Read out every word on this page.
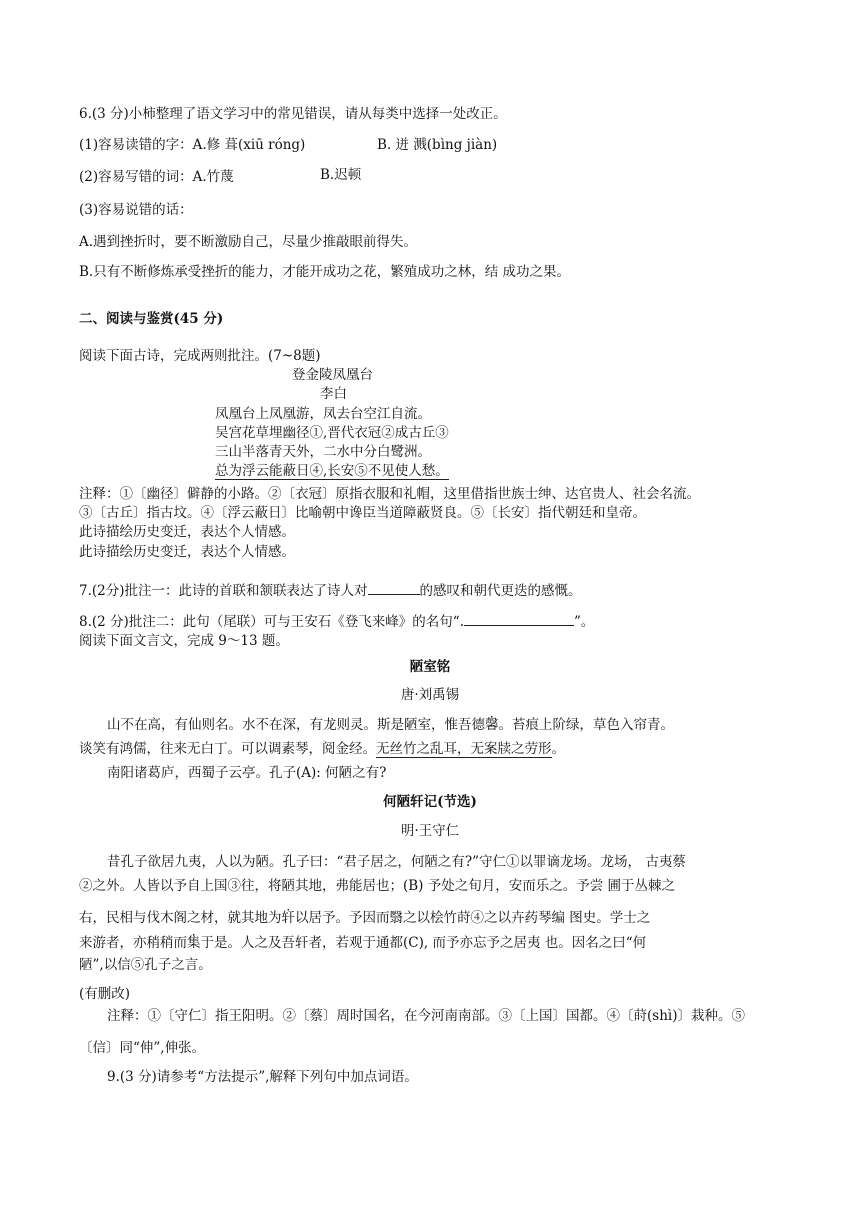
6.(3 分)小柿整理了语文学习中的常见错误，请从每类中选择一处改正。
(1)容易读错的字：A.修 葺(xiū róng)	B. 迸 溅(bìng jiàn)
(2)容易写错的词：A.竹蔑	B.迟顿
(3)容易说错的话：
A.遇到挫折时，要不断激励自己，尽量少推敲眼前得失。
B.只有不断修炼承受挫折的能力，才能开成功之花，繁殖成功之林，结 成功之果。
二、阅读与鉴赏(45 分)
阅读下面古诗，完成两则批注。(7~8题)
登金陵凤凰台
李白
凤凰台上凤凰游，凤去台空江自流。
吴宫花草埋幽径①,晋代衣冠②成古丘③
三山半落青天外，二水中分白鹭洲。
总为浮云能蔽日④,长安⑤不见使人愁。
注释：①〔幽径〕僻静的小路。②〔衣冠〕原指衣服和礼帽，这里借指世族士绅、达官贵人、社会名流。
③〔古丘〕指古坟。④〔浮云蔽日〕比喻朝中谗臣当道障蔽贤良。⑤〔长安〕指代朝廷和皇帝。
此诗描绘历史变迁，表达个人情感。
此诗描绘历史变迁，表达个人情感。
7.(2分)批注一：此诗的首联和颔联表达了诗人对	的感叹和朝代更迭的感慨。
8.(2 分)批注二：此句（尾联）可与王安石《登飞来峰》的名句“.	”。
阅读下面文言文，完成 9～13 题。
陋室铭
唐·刘禹锡
山不在高，有仙则名。水不在深，有龙则灵。斯是陋室，惟吾德馨。苔痕上阶绿，草色入帘青。
谈笑有鸿儒，往来无白丁。可以调素琴，阅金经。无丝竹之乱耳，无案牍之劳形。
南阳诸葛庐，西蜀子云亭。孔子(A): 何陋之有?
何陋轩记(节选)
明·王守仁
昔孔子欲居九夷，人以为陋。孔子曰：“君子居之，何陋之有?”守仁①以罪谪龙场。龙场， 古夷蔡
②之外。人皆以予自上国③往，将陋其地，弗能居也；(B) 予处之旬月，安而乐之。予尝 圃于丛棘之
右，民相与伐木阁之材，就其地为轩以居予。予因而翳之以桧竹莳④之以卉药琴编 图史。学士之
来游者，亦稍稍而集于是。人之及吾轩者，若观于通都(C), 而予亦忘予之居夷 也。因名之曰“何
陋”,以信⑤孔子之言。
(有删改)
注释：①〔守仁〕指王阳明。②〔蔡〕周时国名，在今河南南部。③〔上国〕国都。④〔莳(shì)〕栽种。⑤
〔信〕同“伸”,伸张。
9.(3 分)请参考“方法提示”,解释下列句中加点词语。
